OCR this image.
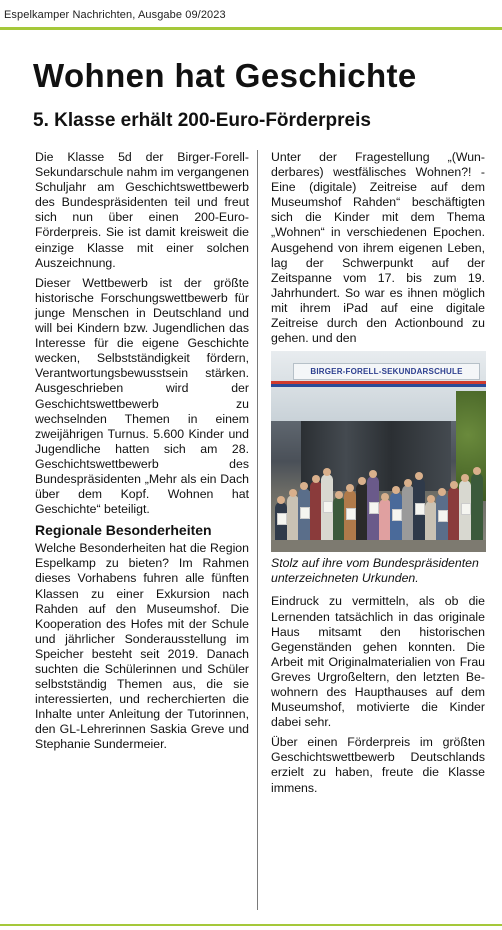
Espelkamper Nachrichten, Ausgabe 09/2023
Wohnen hat Geschichte
5. Klasse erhält 200-Euro-Förderpreis

Die Klasse 5d der Birger-Forell-Sekundarschule nahm im vergangenen Schuljahr am Geschichtswettbewerb des Bundespräsidenten teil und freut sich nun über einen 200-Euro-Förderpreis. Sie ist damit kreisweit die einzige Klasse mit einer solchen Auszeichnung.

Dieser Wettbewerb ist der größte historische Forschungswettbewerb für junge Menschen in Deutschland und will bei Kindern bzw. Jugendlichen das Interesse für die eigene Geschichte wecken, Selbstständigkeit fördern, Verantwortungsbewusstsein stärken. Ausgeschrieben wird der Geschichtswettbewerb zu wechselnden Themen in einem zweijährigen Turnus. 5.600 Kinder und Jugendliche hatten sich am 28. Geschichtswettbewerb des Bundespräsidenten „Mehr als ein Dach über dem Kopf. Wohnen hat Geschichte“ beteiligt.

Regionale Besonderheiten

Welche Besonderheiten hat die Region Espelkamp zu bieten? Im Rahmen dieses Vorhabens fuhren alle fünften Klassen zu einer Exkursion nach Rahden auf den Museumshof. Die Kooperation des Hofes mit der Schule und jährlicher Sonderausstellung im Speicher besteht seit 2019. Danach suchten die Schülerinnen und Schüler selbstständig Themen aus, die sie interessierten, und recherchierten die Inhalte unter Anleitung der Tutorinnen, den GL-Lehrerinnen Saskia Greve und Stephanie Sundermeier.

Unter der Fragestellung „(Wunderbares) westfälisches Wohnen?! - Eine (digitale) Zeitreise auf dem Museumshof Rahden“ beschäftigten sich die Kinder mit dem Thema „Wohnen“ in verschiedenen Epochen. Ausgehend von ihrem eigenen Leben, lag der Schwerpunkt auf der Zeitspanne vom 17. bis zum 19. Jahrhundert. So war es ihnen möglich mit ihrem iPad auf eine digitale Zeitreise durch den Actionbound zu gehen. und den

BIRGER-FORELL-SEKUNDARSCHULE
Stolz auf ihre vom Bundespräsidenten unterzeichneten Urkunden.

Eindruck zu vermitteln, als ob die Lernenden tatsächlich in das originale Haus mitsamt den historischen Gegenständen gehen konnten. Die Arbeit mit Originalmaterialien von Frau Greves Urgroßeltern, den letzten Bewohnern des Haupthauses auf dem Museumshof, motivierte die Kinder dabei sehr.

Über einen Förderpreis im größten Geschichtswettbewerb Deutschlands erzielt zu haben, freute die Klasse immens.
